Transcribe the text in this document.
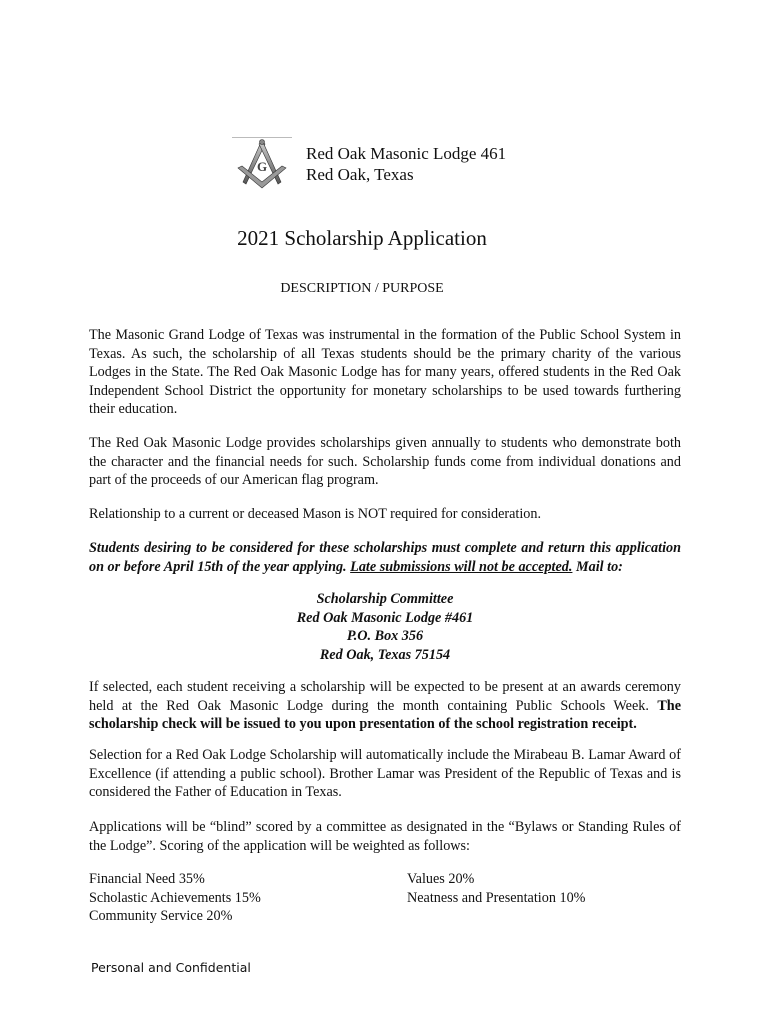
G
Red Oak Masonic Lodge 461
Red Oak, Texas
2021 Scholarship Application
DESCRIPTION / PURPOSE

The Masonic Grand Lodge of Texas was instrumental in the formation of the Public School System in Texas. As such, the scholarship of all Texas students should be the primary charity of the various Lodges in the State. The Red Oak Masonic Lodge has for many years, offered students in the Red Oak Independent School District the opportunity for monetary scholarships to be used towards furthering their education.

The Red Oak Masonic Lodge provides scholarships given annually to students who demonstrate both the character and the financial needs for such. Scholarship funds come from individual donations and part of the proceeds of our American flag program.

Relationship to a current or deceased Mason is NOT required for consideration.

Students desiring to be considered for these scholarships must complete and return this application on or before April 15th of the year applying. Late submissions will not be accepted. Mail to:

Scholarship Committee
Red Oak Masonic Lodge #461
P.O. Box 356
Red Oak, Texas 75154

If selected, each student receiving a scholarship will be expected to be present at an awards ceremony held at the Red Oak Masonic Lodge during the month containing Public Schools Week. The scholarship check will be issued to you upon presentation of the school registration receipt.

Selection for a Red Oak Lodge Scholarship will automatically include the Mirabeau B. Lamar Award of Excellence (if attending a public school). Brother Lamar was President of the Republic of Texas and is considered the Father of Education in Texas.

Applications will be “blind” scored by a committee as designated in the “Bylaws or Standing Rules of the Lodge”. Scoring of the application will be weighted as follows:

Financial Need 35%
Scholastic Achievements 15%
Community Service 20%
Values 20%
Neatness and Presentation 10%
Personal and Confidential
